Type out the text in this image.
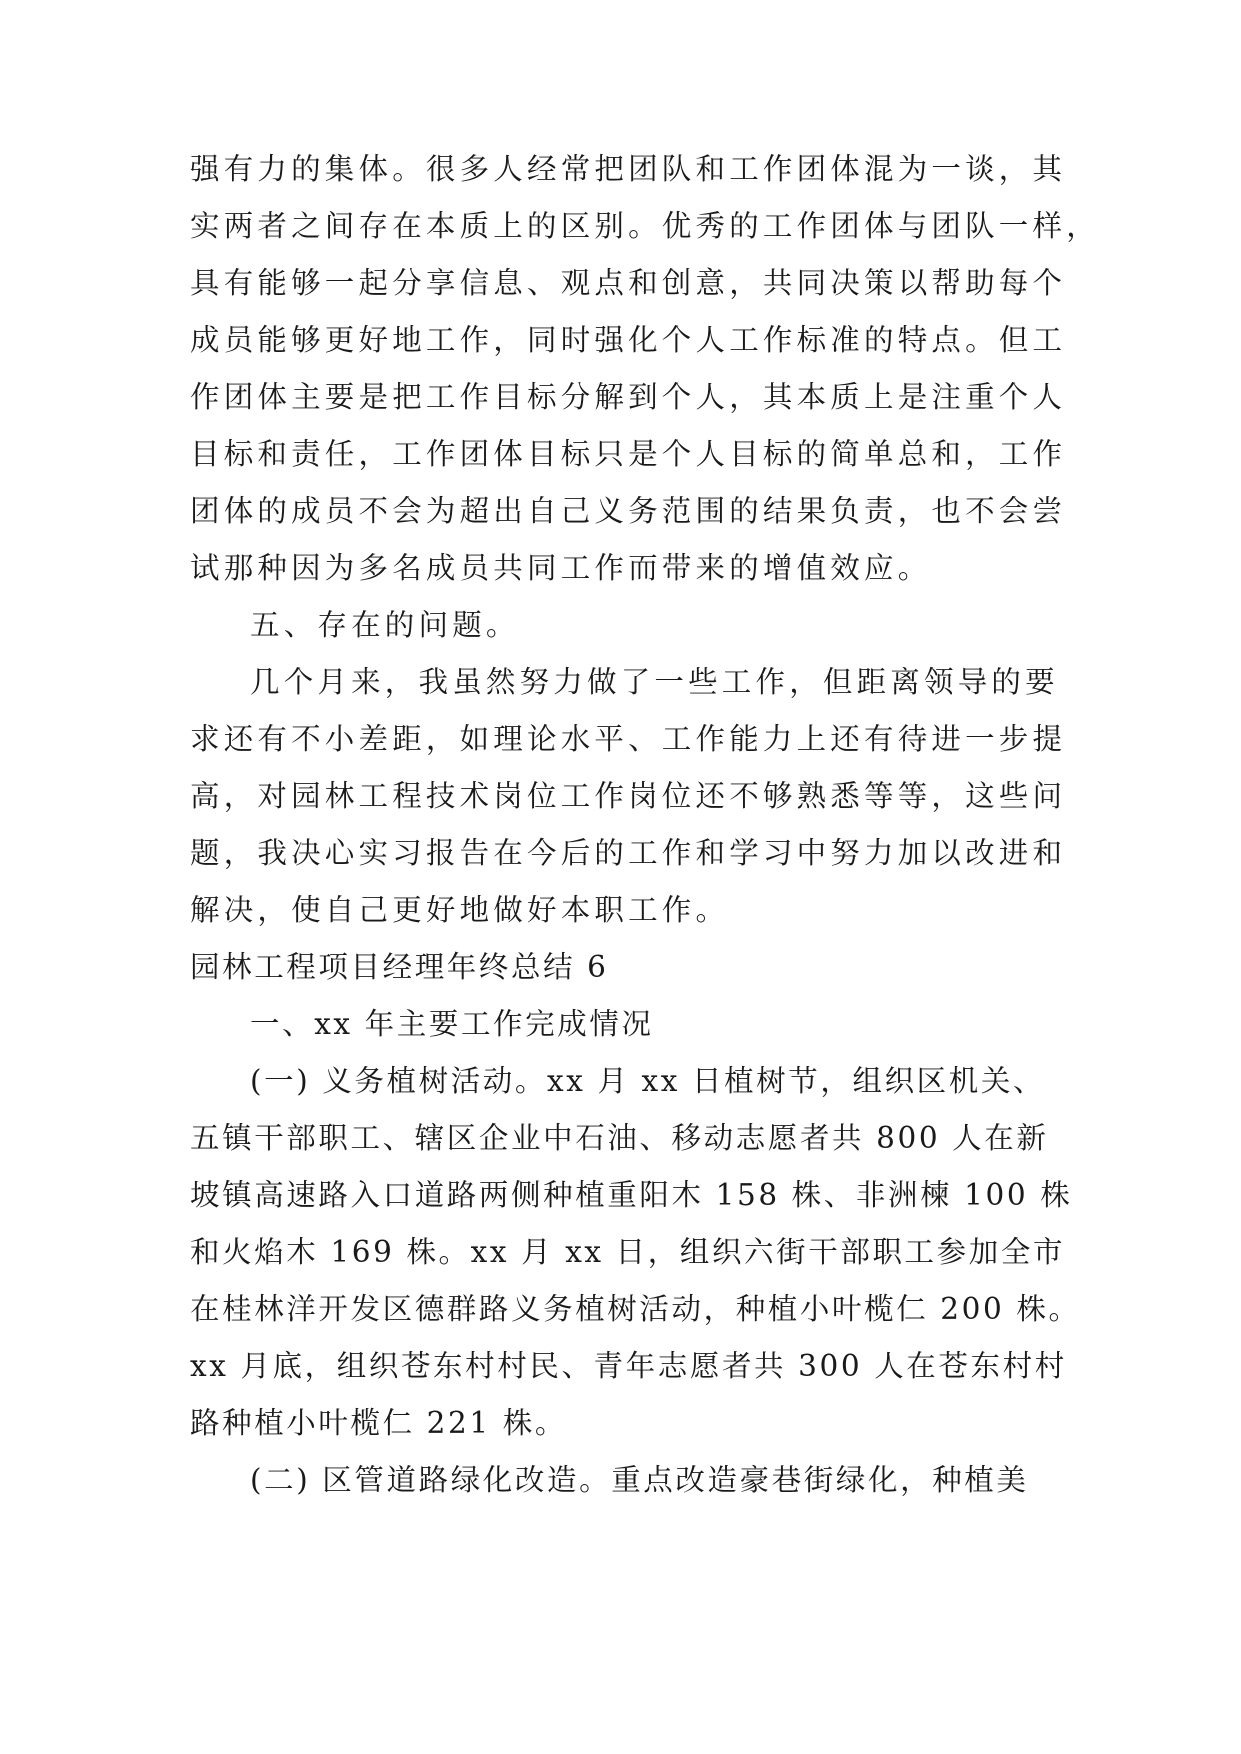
强有力的集体。很多人经常把团队和工作团体混为一谈，其

实两者之间存在本质上的区别。优秀的工作团体与团队一样，

具有能够一起分享信息、观点和创意，共同决策以帮助每个

成员能够更好地工作，同时强化个人工作标准的特点。但工

作团体主要是把工作目标分解到个人，其本质上是注重个人

目标和责任，工作团体目标只是个人目标的简单总和，工作

团体的成员不会为超出自己义务范围的结果负责，也不会尝

试那种因为多名成员共同工作而带来的增值效应。

五、存在的问题。

几个月来，我虽然努力做了一些工作，但距离领导的要

求还有不小差距，如理论水平、工作能力上还有待进一步提

高，对园林工程技术岗位工作岗位还不够熟悉等等，这些问

题，我决心实习报告在今后的工作和学习中努力加以改进和

解决，使自己更好地做好本职工作。

园林工程项目经理年终总结 6

一、xx 年主要工作完成情况

(一) 义务植树活动。xx 月 xx 日植树节，组织区机关、

五镇干部职工、辖区企业中石油、移动志愿者共 800 人在新

坡镇高速路入口道路两侧种植重阳木 158 株、非洲楝 100 株

和火焰木 169 株。xx 月 xx 日，组织六街干部职工参加全市

在桂林洋开发区德群路义务植树活动，种植小叶榄仁 200 株。

xx 月底，组织苍东村村民、青年志愿者共 300 人在苍东村村

路种植小叶榄仁 221 株。

(二) 区管道路绿化改造。重点改造豪巷街绿化，种植美
